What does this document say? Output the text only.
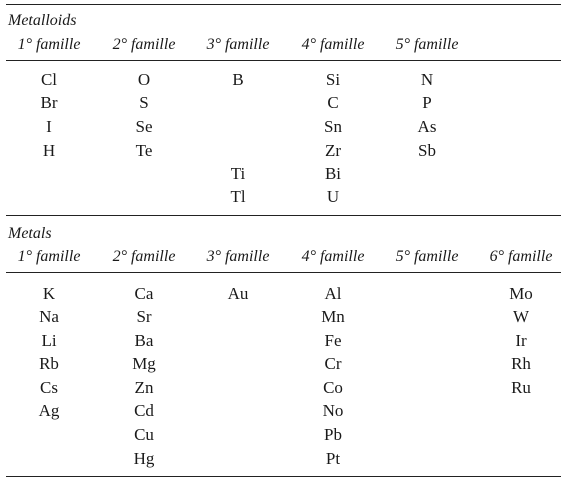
Metalloids
1° famille 2° famille 3° famille 4° famille 5° famille
Cl
Br
I
H
O
S
Se
Te
B
Ti
Tl
Si
C
Sn
Zr
Bi
U
N
P
As
Sb
Metals
1° famille 2° famille 3° famille 4° famille 5° famille 6° famille
K
Na
Li
Rb
Cs
Ag
Ca
Sr
Ba
Mg
Zn
Cd
Cu
Hg
Au	Al
Mn
Fe
Cr
Co
No
Pb
Pt
Mo
W
Ir
Rh
Ru
